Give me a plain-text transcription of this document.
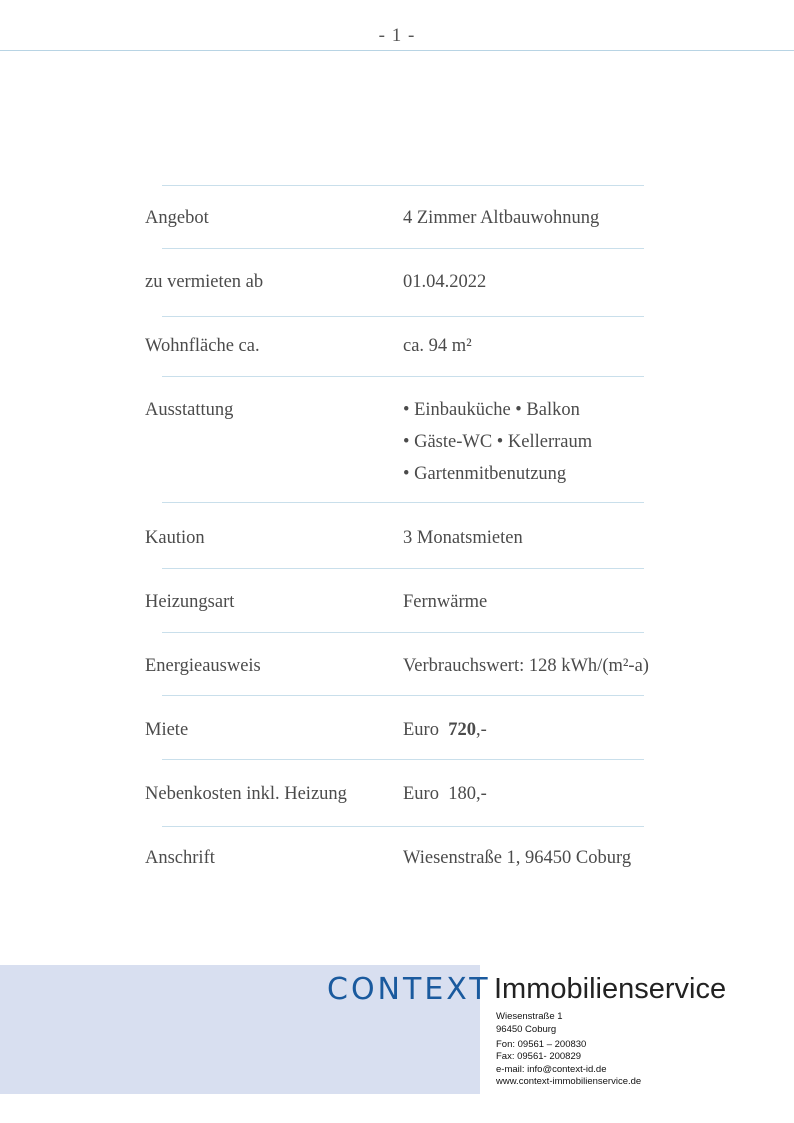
- 1 -
Angebot	4 Zimmer Altbauwohnung
zu vermieten ab	01.04.2022
Wohnfläche ca.	ca. 94 m²
Ausstattung	• Einbauküche • Balkon
• Gäste-WC • Kellerraum
• Gartenmitbenutzung
Kaution	3 Monatsmieten
Heizungsart	Fernwärme
Energieausweis	Verbrauchswert: 128 kWh/(m²-a)
Miete	Euro  720,-
Nebenkosten inkl. Heizung	Euro  180,-
Anschrift	Wiesenstraße 1, 96450 Coburg
CONTEXT Immobilienservice
Wiesenstraße 1
96450 Coburg
Fon: 09561 – 200830
Fax: 09561- 200829
e-mail: info@context-id.de
www.context-immobilienservice.de
